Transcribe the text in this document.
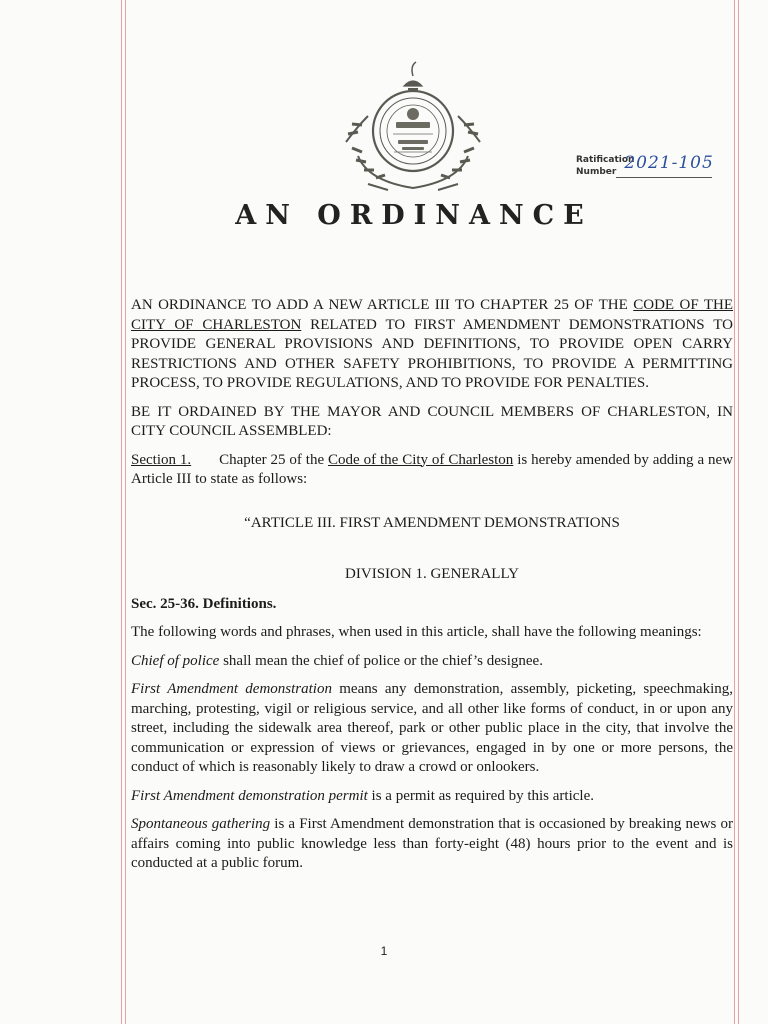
Ratification
Number 2021-105
AN ORDINANCE

AN ORDINANCE TO ADD A NEW ARTICLE III TO CHAPTER 25 OF THE CODE OF THE CITY OF CHARLESTON RELATED TO FIRST AMENDMENT DEMONSTRATIONS TO PROVIDE GENERAL PROVISIONS AND DEFINITIONS, TO PROVIDE OPEN CARRY RESTRICTIONS AND OTHER SAFETY PROHIBITIONS, TO PROVIDE A PERMITTING PROCESS, TO PROVIDE REGULATIONS, AND TO PROVIDE FOR PENALTIES.

BE IT ORDAINED BY THE MAYOR AND COUNCIL MEMBERS OF CHARLESTON, IN CITY COUNCIL ASSEMBLED:

Section 1. Chapter 25 of the Code of the City of Charleston is hereby amended by adding a new Article III to state as follows:

“ARTICLE III. FIRST AMENDMENT DEMONSTRATIONS

DIVISION 1. GENERALLY

Sec. 25-36. Definitions.

The following words and phrases, when used in this article, shall have the following meanings:

Chief of police shall mean the chief of police or the chief’s designee.

First Amendment demonstration means any demonstration, assembly, picketing, speechmaking, marching, protesting, vigil or religious service, and all other like forms of conduct, in or upon any street, including the sidewalk area thereof, park or other public place in the city, that involve the communication or expression of views or grievances, engaged in by one or more persons, the conduct of which is reasonably likely to draw a crowd or onlookers.

First Amendment demonstration permit is a permit as required by this article.

Spontaneous gathering is a First Amendment demonstration that is occasioned by breaking news or affairs coming into public knowledge less than forty-eight (48) hours prior to the event and is conducted at a public forum.

1
